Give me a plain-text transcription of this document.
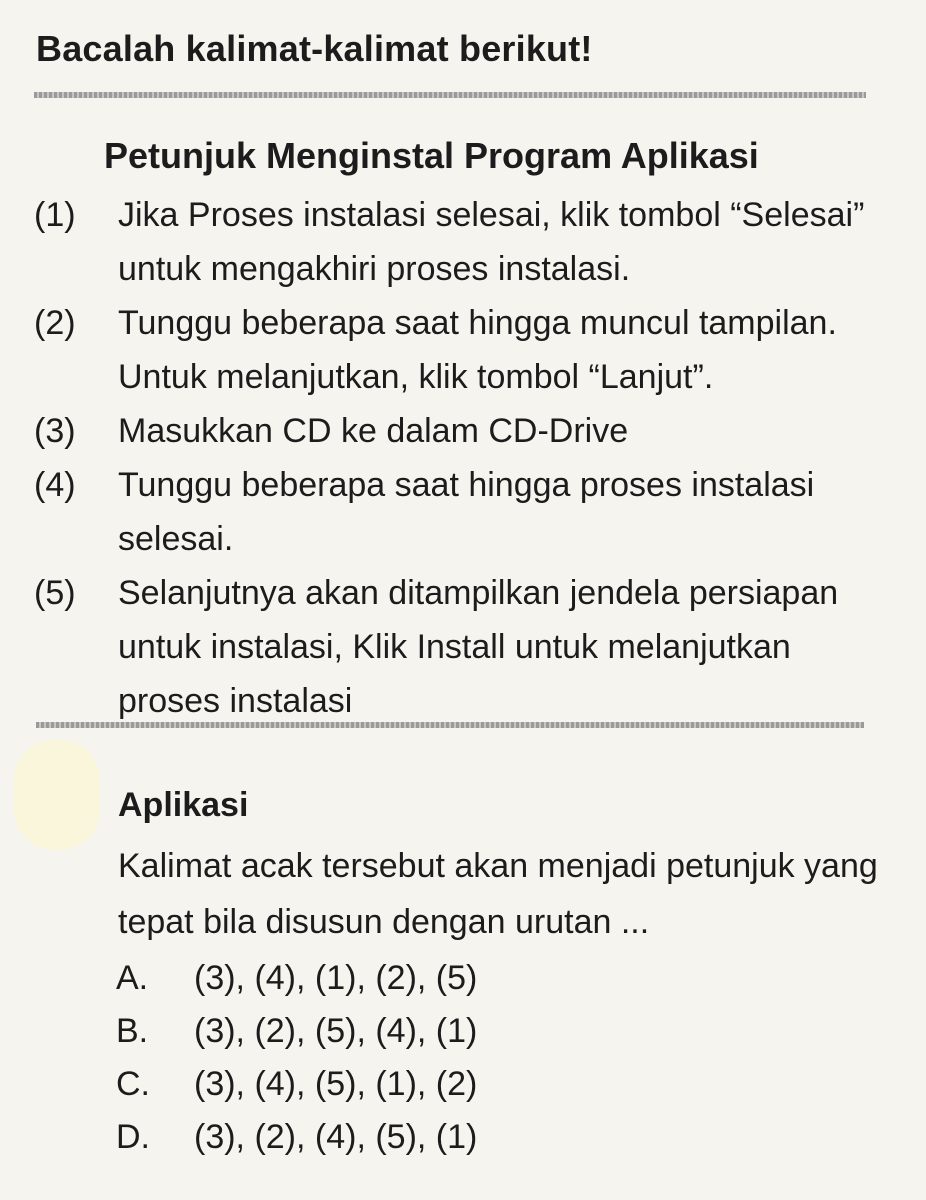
Bacalah kalimat-kalimat berikut!
Petunjuk Menginstal Program Aplikasi
(1)	Jika Proses instalasi selesai, klik tombol “Selesai” untuk mengakhiri proses instalasi.
(2)	Tunggu beberapa saat hingga muncul tampilan. Untuk melanjutkan, klik tombol “Lanjut”.
(3)	Masukkan CD ke dalam CD-Drive
(4)	Tunggu beberapa saat hingga proses instalasi selesai.
(5)	Selanjutnya akan ditampilkan jendela persiapan untuk instalasi, Klik Install untuk melanjutkan proses instalasi
Aplikasi
Kalimat acak tersebut akan menjadi petunjuk yang tepat bila disusun dengan urutan ...
A.	(3), (4), (1), (2), (5)
B.	(3), (2), (5), (4), (1)
C.	(3), (4), (5), (1), (2)
D.	(3), (2), (4), (5), (1)
